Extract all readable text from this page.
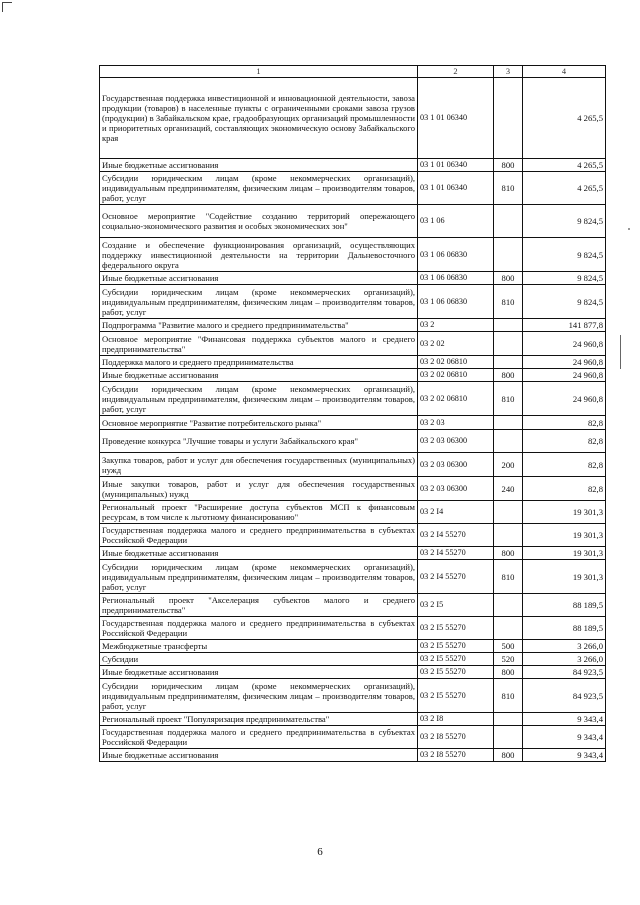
1	2	3	4
Государственная поддержка инвестиционной и инновационной деятельности, завоза продукции (товаров) в населенные пункты с ограниченными сроками завоза грузов (продукции) в Забайкальском крае, градообразующих организаций промышленности и приоритетных организаций, составляющих экономическую основу Забайкальского края	03 1 01 06340		4 265,5
Иные бюджетные ассигнования	03 1 01 06340	800	4 265,5
Субсидии юридическим лицам (кроме некоммерческих организаций), индивидуальным предпринимателям, физическим лицам – производителям товаров, работ, услуг	03 1 01 06340	810	4 265,5
Основное мероприятие "Содействие созданию территорий опережающего социально-экономического развития и особых экономических зон"	03 1 06		9 824,5
Создание и обеспечение функционирования организаций, осуществляющих поддержку инвестиционной деятельности на территории Дальневосточного федерального округа	03 1 06 06830		9 824,5
Иные бюджетные ассигнования	03 1 06 06830	800	9 824,5
Субсидии юридическим лицам (кроме некоммерческих организаций), индивидуальным предпринимателям, физическим лицам – производителям товаров, работ, услуг	03 1 06 06830	810	9 824,5
Подпрограмма "Развитие малого и среднего предпринимательства"	03 2		141 877,8
Основное мероприятие "Финансовая поддержка субъектов малого и среднего предпринимательства"	03 2 02		24 960,8
Поддержка малого и среднего предпринимательства	03 2 02 06810		24 960,8
Иные бюджетные ассигнования	03 2 02 06810	800	24 960,8
Субсидии юридическим лицам (кроме некоммерческих организаций), индивидуальным предпринимателям, физическим лицам – производителям товаров, работ, услуг	03 2 02 06810	810	24 960,8
Основное мероприятие "Развитие потребительского рынка"	03 2 03		82,8
Проведение конкурса "Лучшие товары и услуги Забайкальского края"	03 2 03 06300		82,8
Закупка товаров, работ и услуг для обеспечения государственных (муниципальных) нужд	03 2 03 06300	200	82,8
Иные закупки товаров, работ и услуг для обеспечения государственных (муниципальных) нужд	03 2 03 06300	240	82,8
Региональный проект "Расширение доступа субъектов МСП к финансовым ресурсам, в том числе к льготному финансированию"	03 2 I4		19 301,3
Государственная поддержка малого и среднего предпринимательства в субъектах Российской Федерации	03 2 I4 55270		19 301,3
Иные бюджетные ассигнования	03 2 I4 55270	800	19 301,3
Субсидии юридическим лицам (кроме некоммерческих организаций), индивидуальным предпринимателям, физическим лицам – производителям товаров, работ, услуг	03 2 I4 55270	810	19 301,3
Региональный проект "Акселерация субъектов малого и среднего предпринимательства"	03 2 I5		88 189,5
Государственная поддержка малого и среднего предпринимательства в субъектах Российской Федерации	03 2 I5 55270		88 189,5
Межбюджетные трансферты	03 2 I5 55270	500	3 266,0
Субсидии	03 2 I5 55270	520	3 266,0
Иные бюджетные ассигнования	03 2 I5 55270	800	84 923,5
Субсидии юридическим лицам (кроме некоммерческих организаций), индивидуальным предпринимателям, физическим лицам – производителям товаров, работ, услуг	03 2 I5 55270	810	84 923,5
Региональный проект "Популяризация предпринимательства"	03 2 I8		9 343,4
Государственная поддержка малого и среднего предпринимательства в субъектах Российской Федерации	03 2 I8 55270		9 343,4
Иные бюджетные ассигнования	03 2 I8 55270	800	9 343,4
6
